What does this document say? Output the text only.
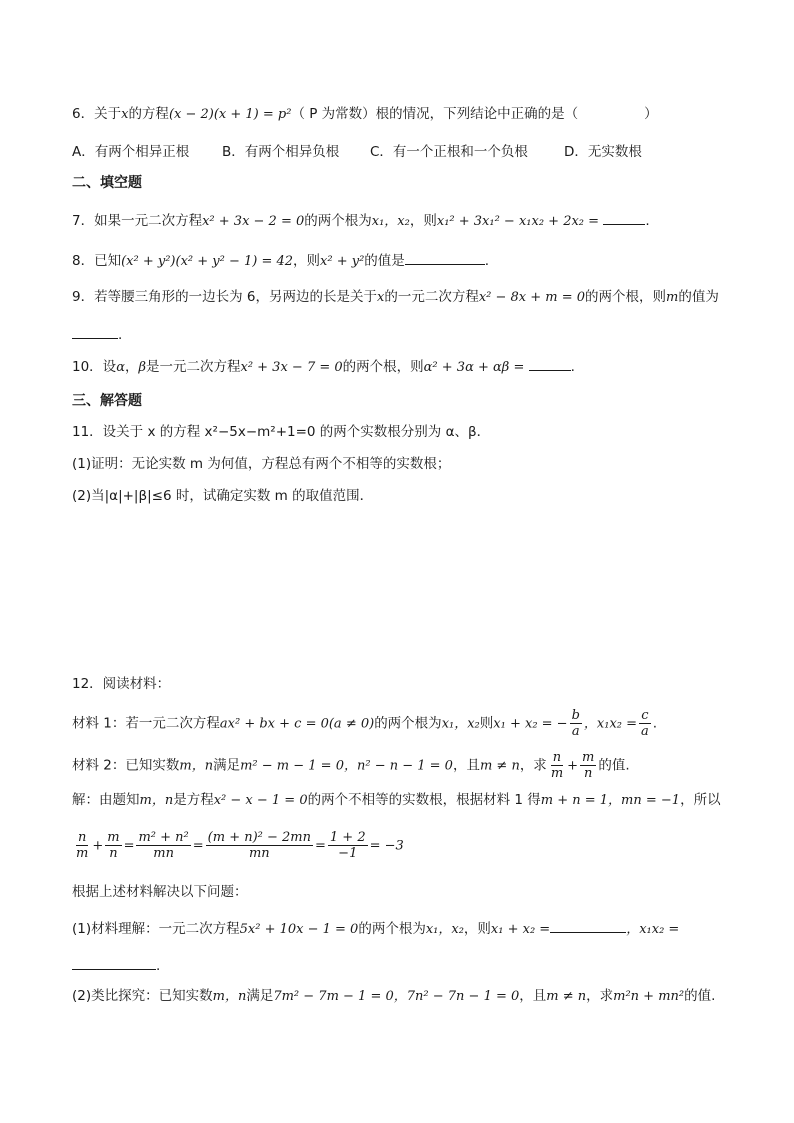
6．关于x的方程(x − 2)(x + 1) = p²（ P 为常数）根的情况，下列结论中正确的是（	）
A．有两个相异正根 B．有两个相异负根 C．有一个正根和一个负根	D．无实数根
二、填空题
7．如果一元二次方程x² + 3x − 2 = 0的两个根为x₁，x₂，则x₁² + 3x₁² − x₁x₂ + 2x₂ =	.
8．已知(x² + y²)(x² + y² − 1) = 42，则x² + y²的值是	.
9．若等腰三角形的一边长为 6，另两边的长是关于x的一元二次方程x² − 8x + m = 0的两个根，则m的值为
.
10．设α，β是一元二次方程x² + 3x − 7 = 0的两个根，则α² + 3α + αβ =	.
三、解答题
11．设关于 x 的方程 x²−5x−m²+1=0 的两个实数根分别为 α、β．
(1)证明：无论实数 m 为何值，方程总有两个不相等的实数根；
(2)当|α|+|β|≤6 时，试确定实数 m 的取值范围．
12．阅读材料：
材料 1：若一元二次方程ax² + bx + c = 0(a ≠ 0)的两个根为x₁，x₂则x₁ + x₂ = − $\frac{b}{a}$ ，$x_1x_2 = \frac{c}{a}$ .
材料 2：已知实数m，n满足m² − m − 1 = 0，n² − n − 1 = 0，且m ≠ n，求 $\frac{n}{m} + \frac{m}{n}$ 的值.
解：由题知m，n是方程x² − x − 1 = 0的两个不相等的实数根，根据材料 1 得m + n = 1，mn = −1，所以
$\frac{n}{m} + \frac{m}{n} = \frac{\text{m² + n²}}{mn} = \frac{\text{(m + n)² − 2mn}}{mn} = \frac{1 + 2}{-1} = -3$
根据上述材料解决以下问题：
(1)材料理解：一元二次方程5x² + 10x − 1 = 0的两个根为x₁，x₂，则x₁ + x₂ =	，x₁x₂ =
.
(2)类比探究：已知实数m，n满足7m² − 7m − 1 = 0，7n² − 7n − 1 = 0，且m ≠ n，求m²n + mn²的值.
